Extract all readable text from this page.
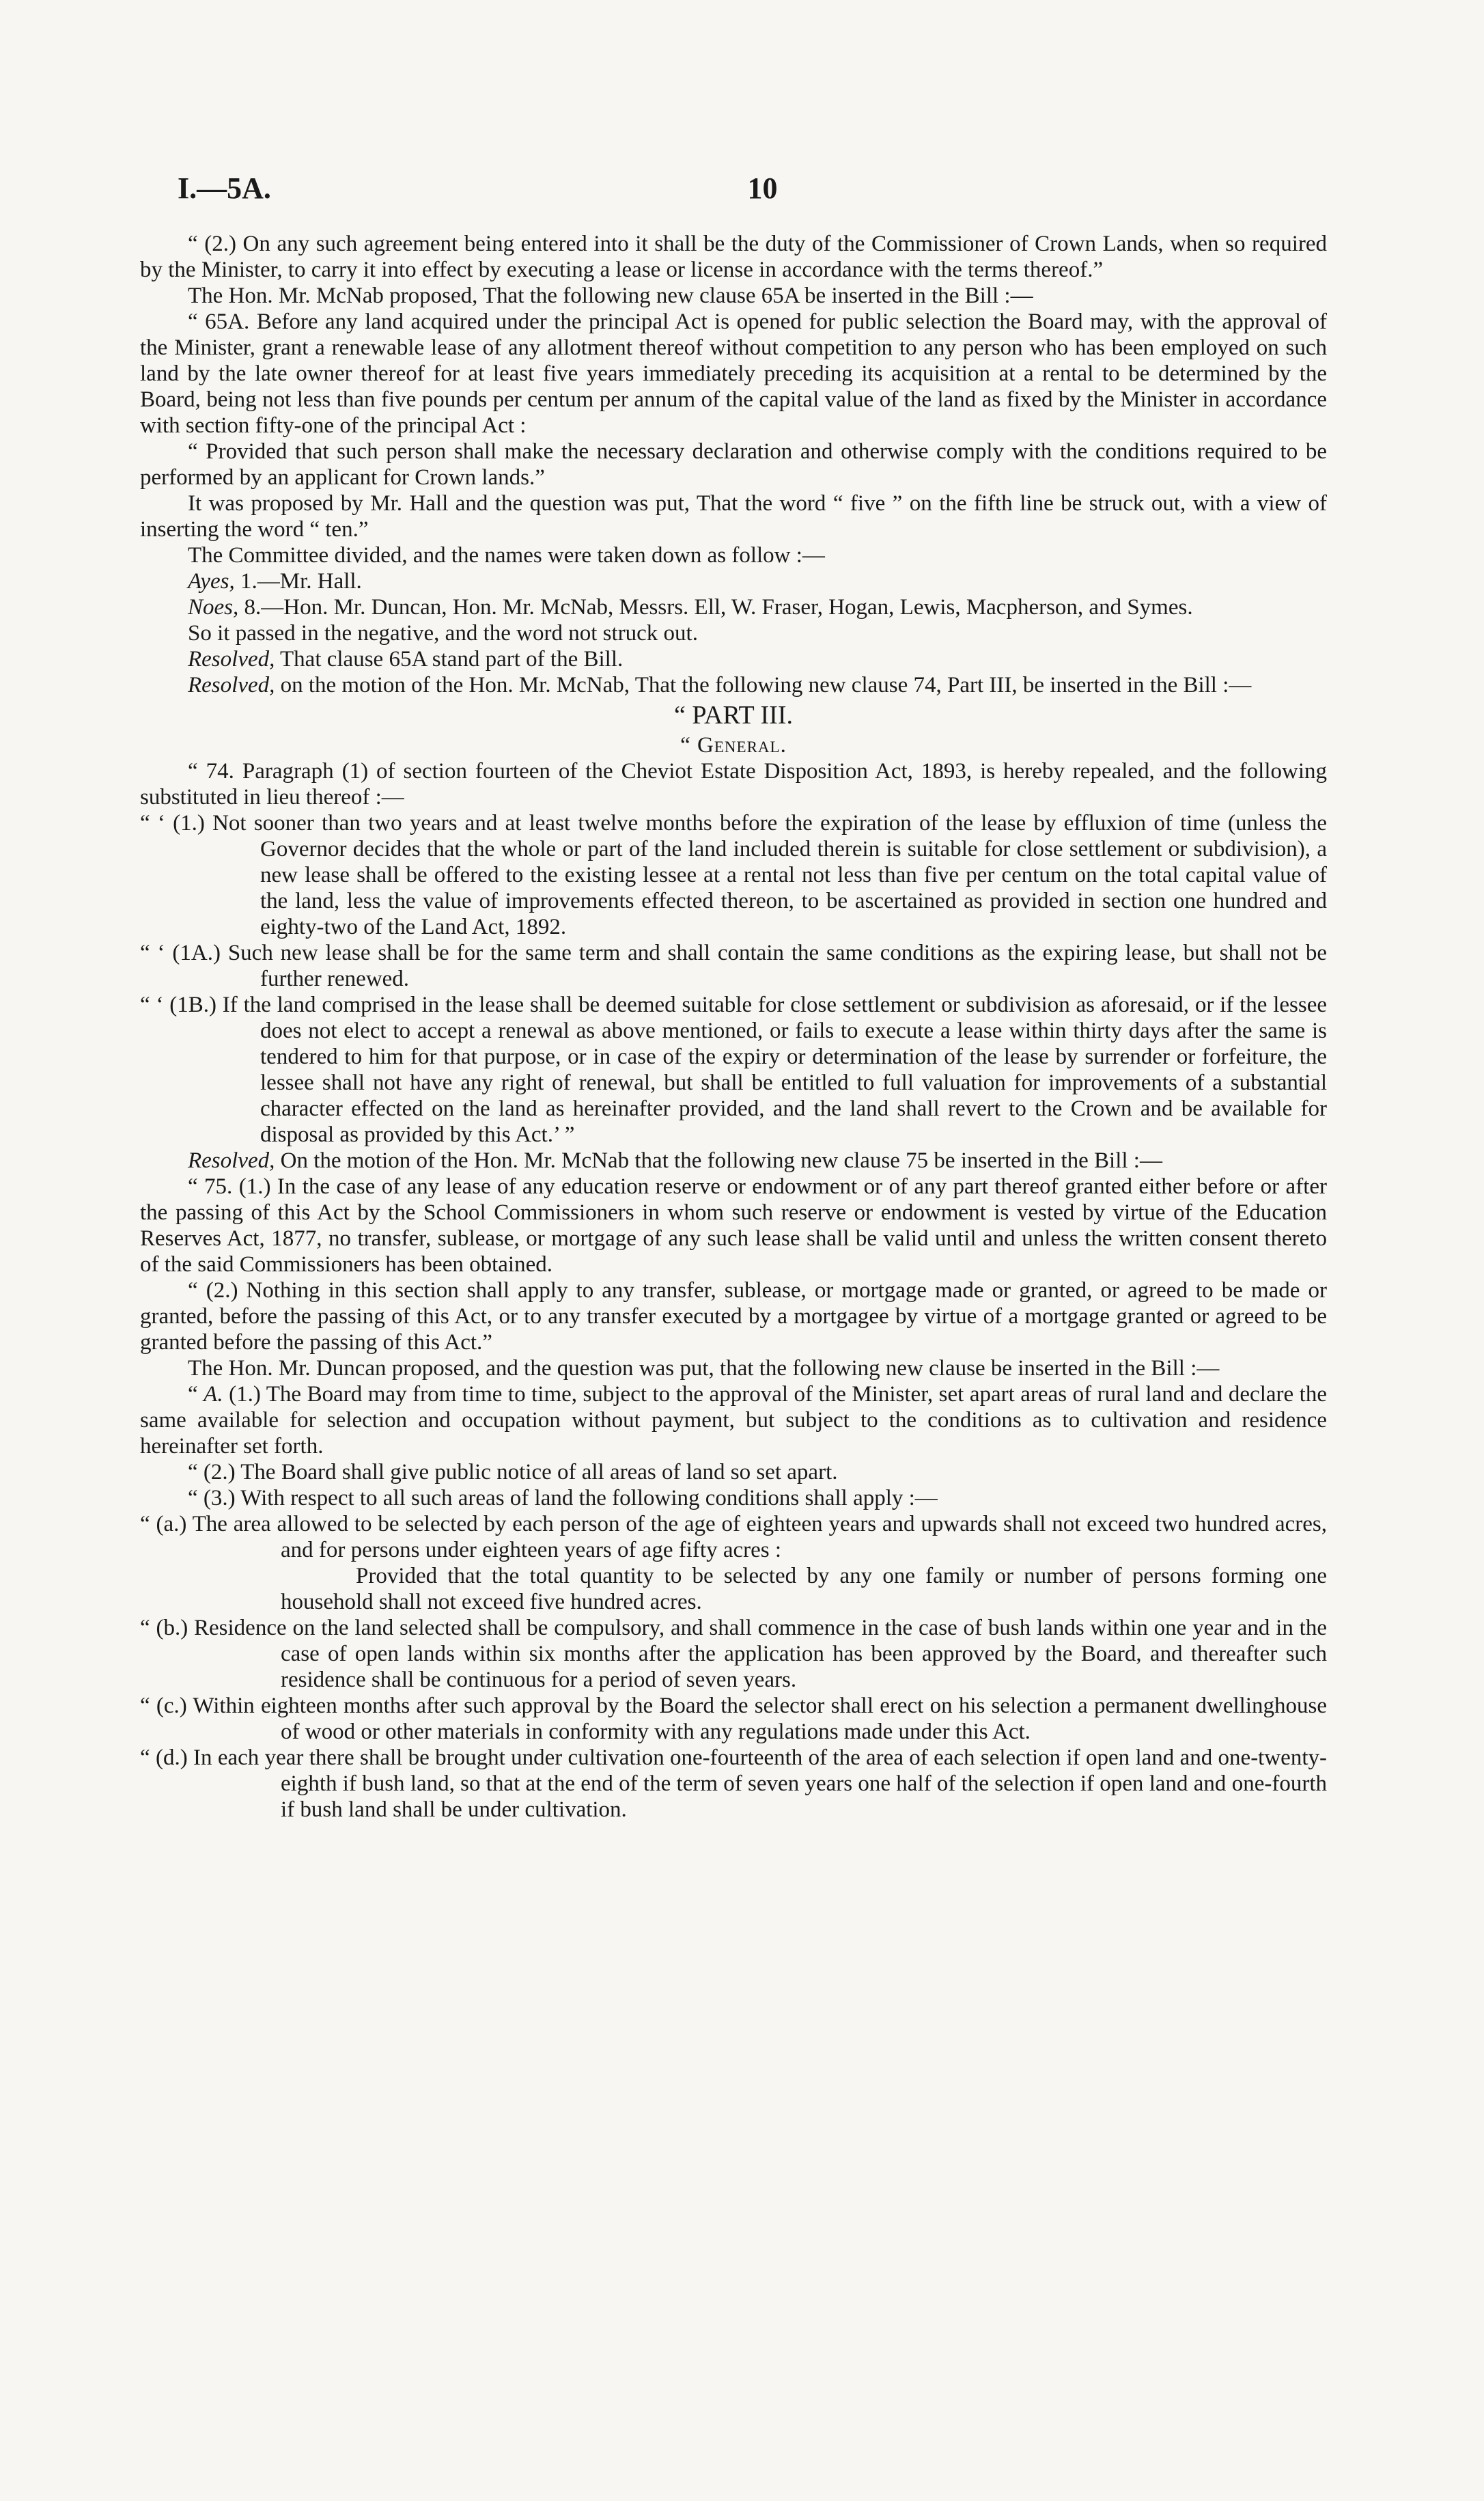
I.—5A.	10

“ (2.) On any such agreement being entered into it shall be the duty of the Commissioner of Crown Lands, when so required by the Minister, to carry it into effect by executing a lease or license in accordance with the terms thereof.”

The Hon. Mr. McNab proposed, That the following new clause 65A be inserted in the Bill :—

“ 65A. Before any land acquired under the principal Act is opened for public selection the Board may, with the approval of the Minister, grant a renewable lease of any allotment thereof without competition to any person who has been employed on such land by the late owner thereof for at least five years immediately preceding its acquisition at a rental to be determined by the Board, being not less than five pounds per centum per annum of the capital value of the land as fixed by the Minister in accordance with section fifty-one of the principal Act :

“ Provided that such person shall make the necessary declaration and otherwise comply with the conditions required to be performed by an applicant for Crown lands.”

It was proposed by Mr. Hall and the question was put, That the word “ five ” on the fifth line be struck out, with a view of inserting the word “ ten.”

The Committee divided, and the names were taken down as follow :—

Ayes, 1.—Mr. Hall.

Noes, 8.—Hon. Mr. Duncan, Hon. Mr. McNab, Messrs. Ell, W. Fraser, Hogan, Lewis, Macpherson, and Symes.

So it passed in the negative, and the word not struck out.

Resolved, That clause 65A stand part of the Bill.

Resolved, on the motion of the Hon. Mr. McNab, That the following new clause 74, Part III, be inserted in the Bill :—

“ PART III.

“ General.

“ 74. Paragraph (1) of section fourteen of the Cheviot Estate Disposition Act, 1893, is hereby repealed, and the following substituted in lieu thereof :—

“ ‘ (1.) Not sooner than two years and at least twelve months before the expiration of the lease by effluxion of time (unless the Governor decides that the whole or part of the land included therein is suitable for close settlement or subdivision), a new lease shall be offered to the existing lessee at a rental not less than five per centum on the total capital value of the land, less the value of improvements effected thereon, to be ascertained as provided in section one hundred and eighty-two of the Land Act, 1892.

“ ‘ (1A.) Such new lease shall be for the same term and shall contain the same conditions as the expiring lease, but shall not be further renewed.

“ ‘ (1B.) If the land comprised in the lease shall be deemed suitable for close settlement or subdivision as aforesaid, or if the lessee does not elect to accept a renewal as above mentioned, or fails to execute a lease within thirty days after the same is tendered to him for that purpose, or in case of the expiry or determination of the lease by surrender or forfeiture, the lessee shall not have any right of renewal, but shall be entitled to full valuation for improvements of a substantial character effected on the land as hereinafter provided, and the land shall revert to the Crown and be available for disposal as provided by this Act.’ ”

Resolved, On the motion of the Hon. Mr. McNab that the following new clause 75 be inserted in the Bill :—

“ 75. (1.) In the case of any lease of any education reserve or endowment or of any part thereof granted either before or after the passing of this Act by the School Commissioners in whom such reserve or endowment is vested by virtue of the Education Reserves Act, 1877, no transfer, sublease, or mortgage of any such lease shall be valid until and unless the written consent thereto of the said Commissioners has been obtained.

“ (2.) Nothing in this section shall apply to any transfer, sublease, or mortgage made or granted, or agreed to be made or granted, before the passing of this Act, or to any transfer executed by a mortgagee by virtue of a mortgage granted or agreed to be granted before the passing of this Act.”

The Hon. Mr. Duncan proposed, and the question was put, that the following new clause be inserted in the Bill :—

“ A. (1.) The Board may from time to time, subject to the approval of the Minister, set apart areas of rural land and declare the same available for selection and occupation without payment, but subject to the conditions as to cultivation and residence hereinafter set forth.

“ (2.) The Board shall give public notice of all areas of land so set apart.

“ (3.) With respect to all such areas of land the following conditions shall apply :—

“ (a.) The area allowed to be selected by each person of the age of eighteen years and upwards shall not exceed two hundred acres, and for persons under eighteen years of age fifty acres :

Provided that the total quantity to be selected by any one family or number of persons forming one household shall not exceed five hundred acres.

“ (b.) Residence on the land selected shall be compulsory, and shall commence in the case of bush lands within one year and in the case of open lands within six months after the application has been approved by the Board, and thereafter such residence shall be continuous for a period of seven years.

“ (c.) Within eighteen months after such approval by the Board the selector shall erect on his selection a permanent dwellinghouse of wood or other materials in conformity with any regulations made under this Act.

“ (d.) In each year there shall be brought under cultivation one-fourteenth of the area of each selection if open land and one-twenty-eighth if bush land, so that at the end of the term of seven years one half of the selection if open land and one-fourth if bush land shall be under cultivation.
